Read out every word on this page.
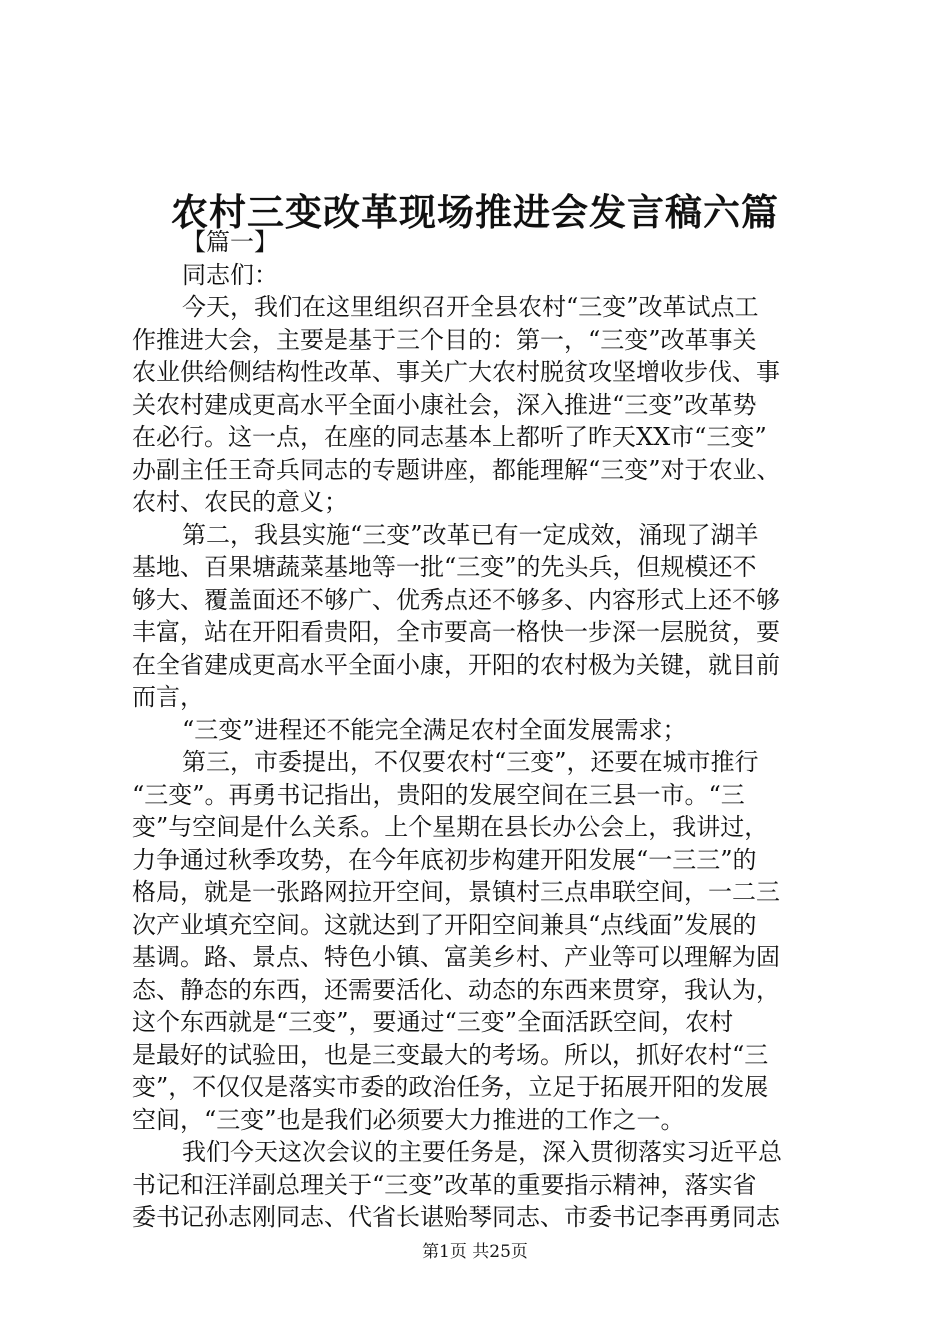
农村三变改革现场推进会发言稿六篇

【篇一】

同志们：

今天，我们在这里组织召开全县农村“三变”改革试点工
作推进大会，主要是基于三个目的：第一，“三变”改革事关
农业供给侧结构性改革、事关广大农村脱贫攻坚增收步伐、事
关农村建成更高水平全面小康社会，深入推进“三变”改革势
在必行。这一点，在座的同志基本上都听了昨天XX市“三变”
办副主任王奇兵同志的专题讲座，都能理解“三变”对于农业、
农村、农民的意义；

第二，我县实施“三变”改革已有一定成效，涌现了湖羊
基地、百果塘蔬菜基地等一批“三变”的先头兵，但规模还不
够大、覆盖面还不够广、优秀点还不够多、内容形式上还不够
丰富，站在开阳看贵阳，全市要高一格快一步深一层脱贫，要
在全省建成更高水平全面小康，开阳的农村极为关键，就目前
而言，

“三变”进程还不能完全满足农村全面发展需求；

第三，市委提出，不仅要农村“三变”，还要在城市推行
“三变”。再勇书记指出，贵阳的发展空间在三县一市。“三
变”与空间是什么关系。上个星期在县长办公会上，我讲过，
力争通过秋季攻势，在今年底初步构建开阳发展“一三三”的
格局，就是一张路网拉开空间，景镇村三点串联空间，一二三
次产业填充空间。这就达到了开阳空间兼具“点线面”发展的
基调。路、景点、特色小镇、富美乡村、产业等可以理解为固
态、静态的东西，还需要活化、动态的东西来贯穿，我认为，
这个东西就是“三变”，要通过“三变”全面活跃空间，农村
是最好的试验田，也是三变最大的考场。所以，抓好农村“三
变”，不仅仅是落实市委的政治任务，立足于拓展开阳的发展
空间，“三变”也是我们必须要大力推进的工作之一。

我们今天这次会议的主要任务是，深入贯彻落实习近平总
书记和汪洋副总理关于“三变”改革的重要指示精神，落实省
委书记孙志刚同志、代省长谌贻琴同志、市委书记李再勇同志

第1页 共25页
